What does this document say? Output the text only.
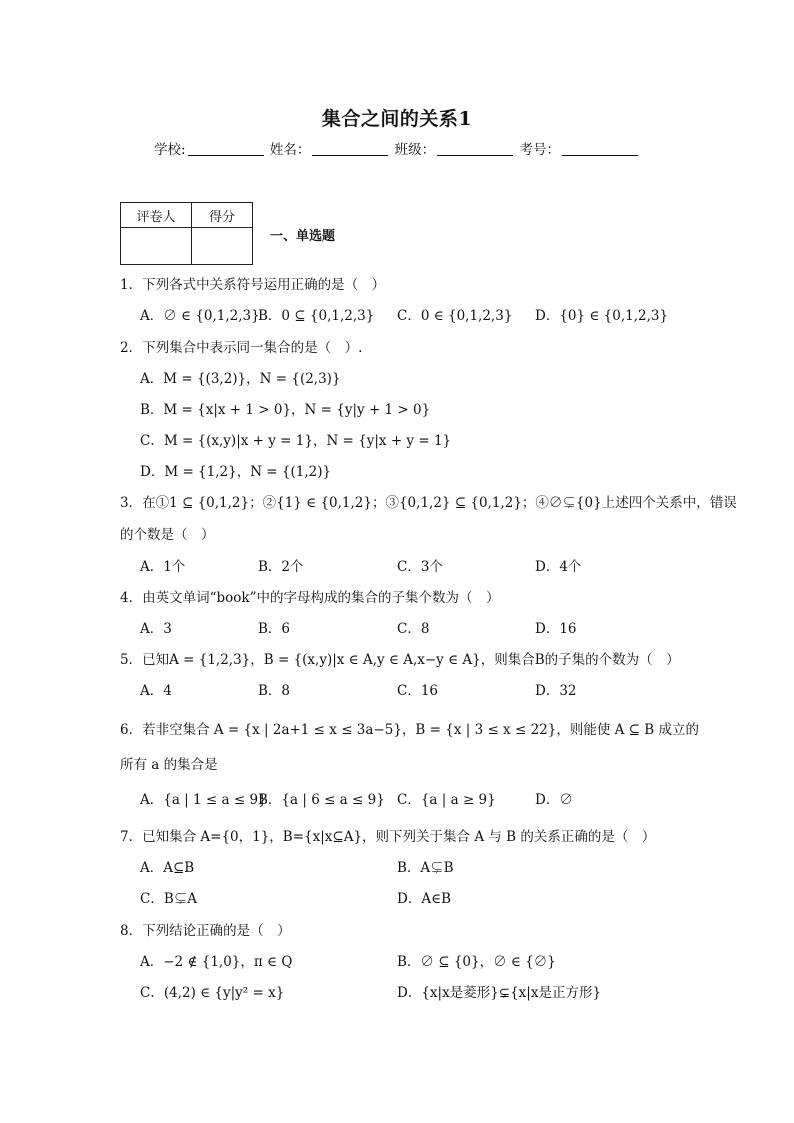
集合之间的关系1
学校:	姓名：	班级：	考号：
评卷人	得分

一、单选题
1．下列各式中关系符号运用正确的是（　）
A．∅ ∈ {0,1,2,3}
B．0 ⊆ {0,1,2,3} C．0 ∈ {0,1,2,3} D．{0} ∈ {0,1,2,3}
2．下列集合中表示同一集合的是（　）.
A．M = {(3,2)}，N = {(2,3)}
B．M = {x|x + 1 > 0}，N = {y|y + 1 > 0}
C．M = {(x,y)|x + y = 1}，N = {y|x + y = 1}
D．M = {1,2}，N = {(1,2)}
3．在①1 ⊆ {0,1,2}；②{1} ∈ {0,1,2}；③{0,1,2} ⊆ {0,1,2}；④∅⊊{0}上述四个关系中，错误
的个数是（　）
A．1个	B．2个	C．3个	D．4个
4．由英文单词“book”中的字母构成的集合的子集个数为（　）
A．3	B．6	C．8	D．16
5．已知A = {1,2,3}，B = {(x,y)|x ∈ A,y ∈ A,x−y ∈ A}，则集合B的子集的个数为（　）
A．4	B．8	C．16	D．32
6．若非空集合 A = {x | 2a+1 ≤ x ≤ 3a−5}，B = {x | 3 ≤ x ≤ 22}，则能使 A ⊆ B 成立的
所有 a 的集合是
A．{a | 1 ≤ a ≤ 9}
B．{a | 6 ≤ a ≤ 9} C．{a | a ≥ 9}	D．∅
7．已知集合 A={0，1}，B={x|x⊆A}，则下列关于集合 A 与 B 的关系正确的是（　）
A．A⊆B	B．A⊊B
C．B⊊A	D．A∈B
8．下列结论正确的是（　）
A．−2 ∉ {1,0}，π ∈ Q	B．∅ ⊆ {0}，∅ ∈ {∅}
C．(4,2) ∈ {y|y² = x}	D．{x|x是菱形}⊊{x|x是正方形}
